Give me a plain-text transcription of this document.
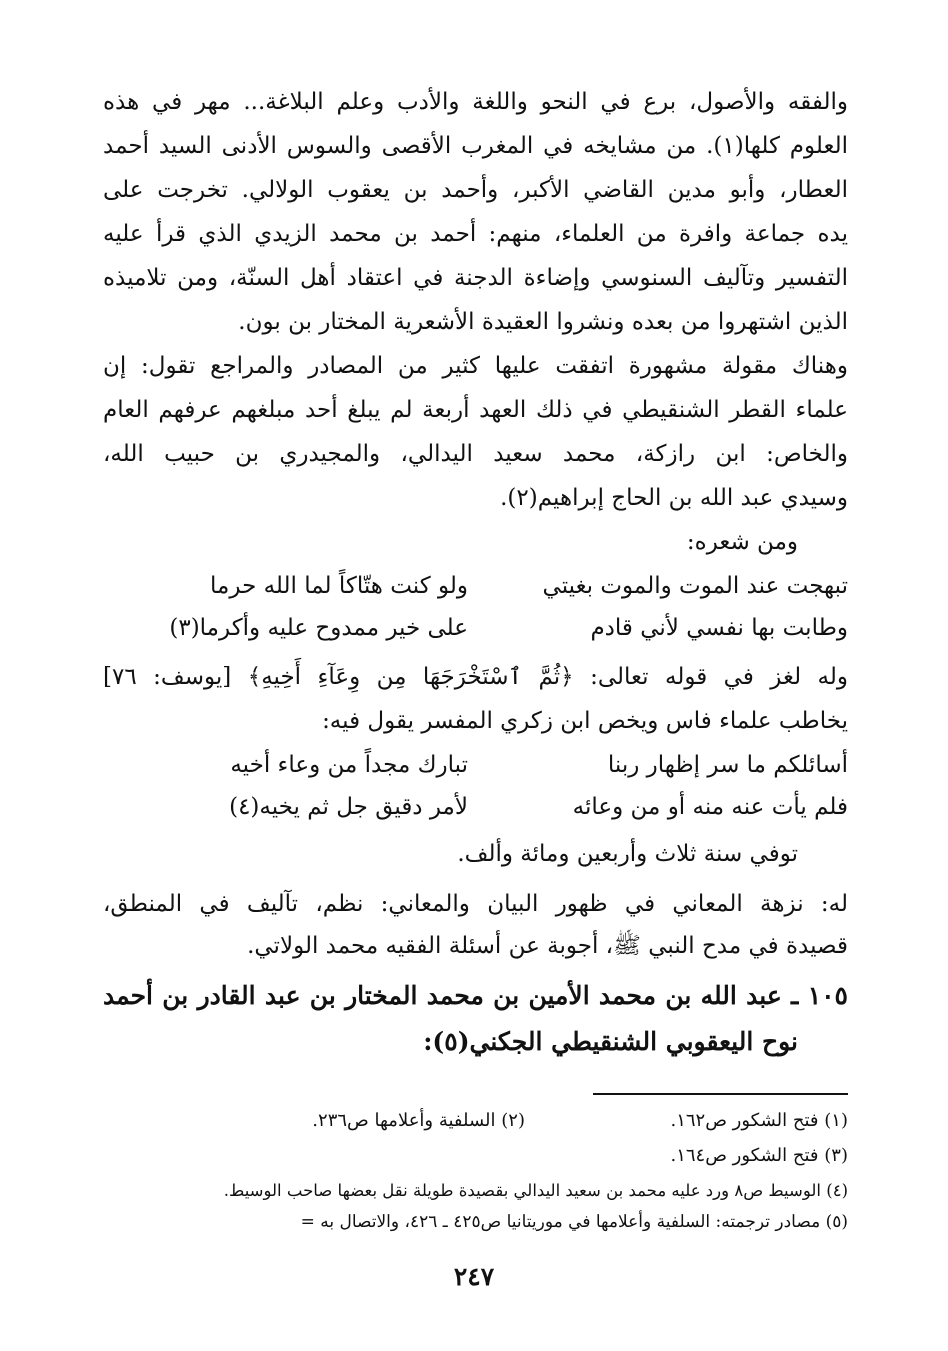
والفقه والأصول، برع في النحو واللغة والأدب وعلم البلاغة... مهر في هذه
العلوم كلها(١). من مشايخه في المغرب الأقصى والسوس الأدنى السيد أحمد
العطار، وأبو مدين القاضي الأكبر، وأحمد بن يعقوب الولالي. تخرجت على
يده جماعة وافرة من العلماء، منهم: أحمد بن محمد الزيدي الذي قرأ عليه
التفسير وتآليف السنوسي وإضاءة الدجنة في اعتقاد أهل السنّة، ومن تلاميذه
الذين اشتهروا من بعده ونشروا العقيدة الأشعرية المختار بن بون.
وهناك مقولة مشهورة اتفقت عليها كثير من المصادر والمراجع تقول: إن
علماء القطر الشنقيطي في ذلك العهد أربعة لم يبلغ أحد مبلغهم عرفهم العام
والخاص: ابن رازكة، محمد سعيد اليدالي، والمجيدري بن حبيب الله،
وسيدي عبد الله بن الحاج إبراهيم(٢).
ومن شعره:
تبهجت عند الموت والموت بغيتي
ولو كنت هتّاكاً لما الله حرما
وطابت بها نفسي لأني قادم
على خير ممدوح عليه وأكرما(٣)
وله لغز في قوله تعالى: ﴿ثُمَّ ٱسْتَخْرَجَهَا مِن وِعَآءِ أَخِيهِ﴾ [يوسف: ٧٦]
يخاطب علماء فاس ويخص ابن زكري المفسر يقول فيه:
أسائلكم ما سر إظهار ربنا
تبارك مجداً من وعاء أخيه
فلم يأت عنه منه أو من وعائه
لأمر دقيق جل ثم يخيه(٤)
توفي سنة ثلاث وأربعين ومائة وألف.
له: نزهة المعاني في ظهور البيان والمعاني: نظم، تآليف في المنطق،
قصيدة في مدح النبي ﷺ، أجوبة عن أسئلة الفقيه محمد الولاتي.
١٠٥ ـ عبد الله بن محمد الأمين بن محمد المختار بن عبد القادر بن أحمد
نوح اليعقوبي الشنقيطي الجكني(٥):
(١) فتح الشكور ص١٦٢.
(٢) السلفية وأعلامها ص٢٣٦.
(٣) فتح الشكور ص١٦٤.
(٤) الوسيط ص٨ ورد عليه محمد بن سعيد اليدالي بقصيدة طويلة نقل بعضها صاحب الوسيط.
(٥) مصادر ترجمته: السلفية وأعلامها في موريتانيا ص٤٢٥ ـ ٤٢٦، والاتصال به =
٢٤٧
